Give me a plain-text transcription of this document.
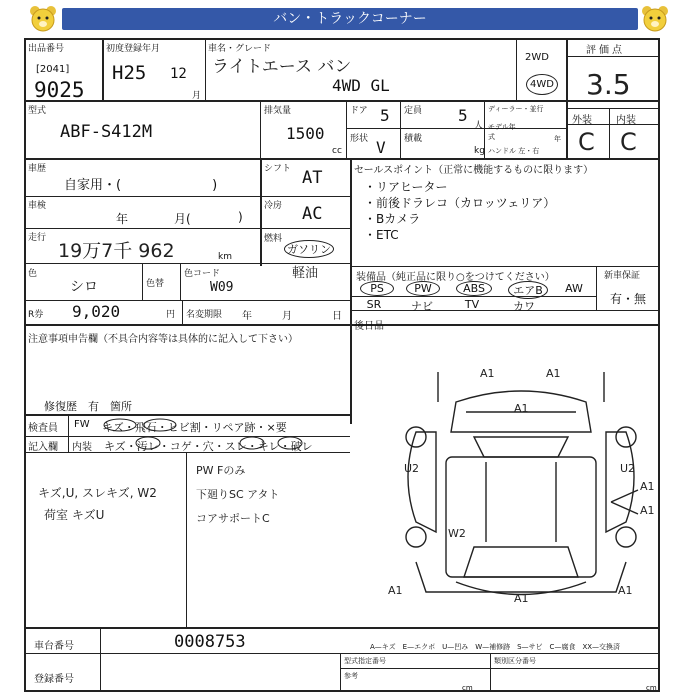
バン・トラックコーナー
出品番号
[2041]
9025
初度登録年月
H25 12
月
車名・グレード
ライトエース バン
4WD GL
2WD
4WD
評価点
3.5
外装 内装
C C
型式
ABF-S412M
排気量
1500
cc
ドア 5 定員 5
人
形状 V 積載
kg
ディーラー・並行
モデル年式	年
ハンドル 左・右
車歴
自家用・(　　　　　　　)
車検
年	月(	)
走行
19万7千 962	km
色
シロ	色替
色コード
W09
シフト AT
冷房 AC
燃料
ガソリン
軽油
R券 9,020	円 名変期限 年	月	日
セールスポイント（正常に機能するものに限ります）
・リアヒーター
・前後ドラレコ（カロッツェリア）
・Bカメラ
・ETC
装備品（純正品に限り○をつけてください）	新車保証
有・無
PS	PW	ABS	エアB	AW
SR	ナビ	TV	カワ
注意事項申告欄（不具合内容等は具体的に記入して下さい）
修復歴　有　箇所
後日品
検査員 FW キズ・飛石・ヒビ割・リペア跡・×要
記入欄 内装 キズ・汚レ・コゲ・穴・スレ・キレ・破レ
キズ,U, スレキズ, W2
荷室 キズU
PW Fのみ
下廻りSC アタト
コアサポートC
A1	A1
A1
U2	U2
W2
A1
A1
A1
A1
A1
A—キズ　E—エクボ　U—凹み　W—補修跡　S—サビ　C—腐食　XX—交換済
車台番号	0008753
登録番号
型式指定番号
参考
類別区分番号
cm	cm
